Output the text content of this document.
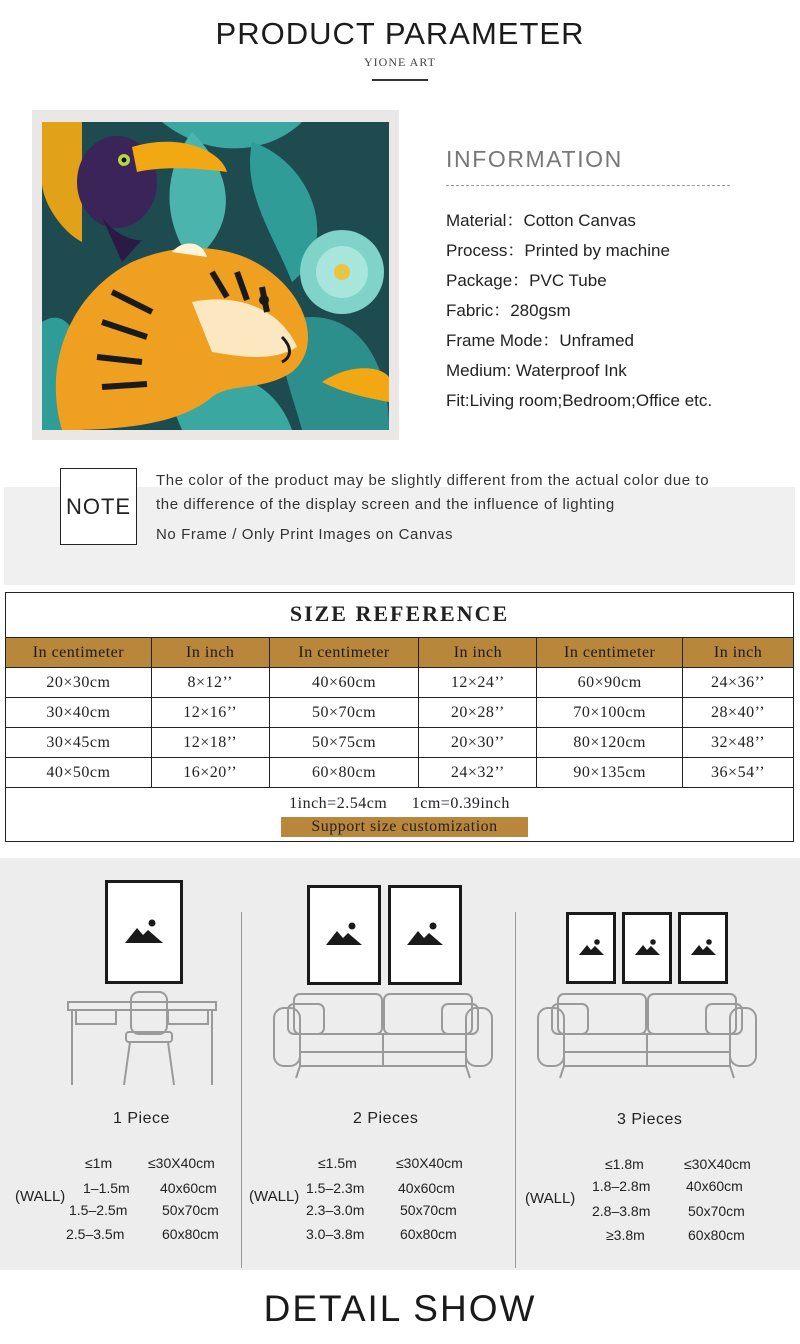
PRODUCT PARAMETER
YIONE ART
INFORMATION
Material：Cotton Canvas
Process：Printed by machine
Package：PVC Tube
Fabric：280gsm
Frame Mode：Unframed
Medium: Waterproof Ink
Fit:Living room;Bedroom;Office etc.
NOTE
The color of the product may be slightly different from the actual color due to
the difference of the display screen and the influence of lighting
No Frame / Only Print Images on Canvas
SIZE REFERENCE
In centimeter	In inch	In centimeter	In inch	In centimeter	In inch
20×30cm	8×12’’	40×60cm	12×24’’	60×90cm	24×36’’
30×40cm	12×16’’	50×70cm	20×28’’	70×100cm	28×40’’
30×45cm	12×18’’	50×75cm	20×30’’	80×120cm	32×48’’
40×50cm	16×20’’	60×80cm	24×32’’	90×135cm	36×54’’
1inch=2.54cm 1cm=0.39inch
Support size customization
1 Piece
(WALL)
≤1m	≤30X40cm
1–1.5m 40x60cm
1.5–2.5m 50x70cm
2.5–3.5m	60x80cm
2 Pieces
(WALL)
≤1.5m	≤30X40cm
1.5–2.3m 40x60cm
2.3–3.0m	50x70cm
3.0–3.8m	60x80cm
3 Pieces
(WALL)
≤1.8m	≤30X40cm
1.8–2.8m	40x60cm
2.8–3.8m	50x70cm
≥3.8m	60x80cm
DETAIL SHOW
